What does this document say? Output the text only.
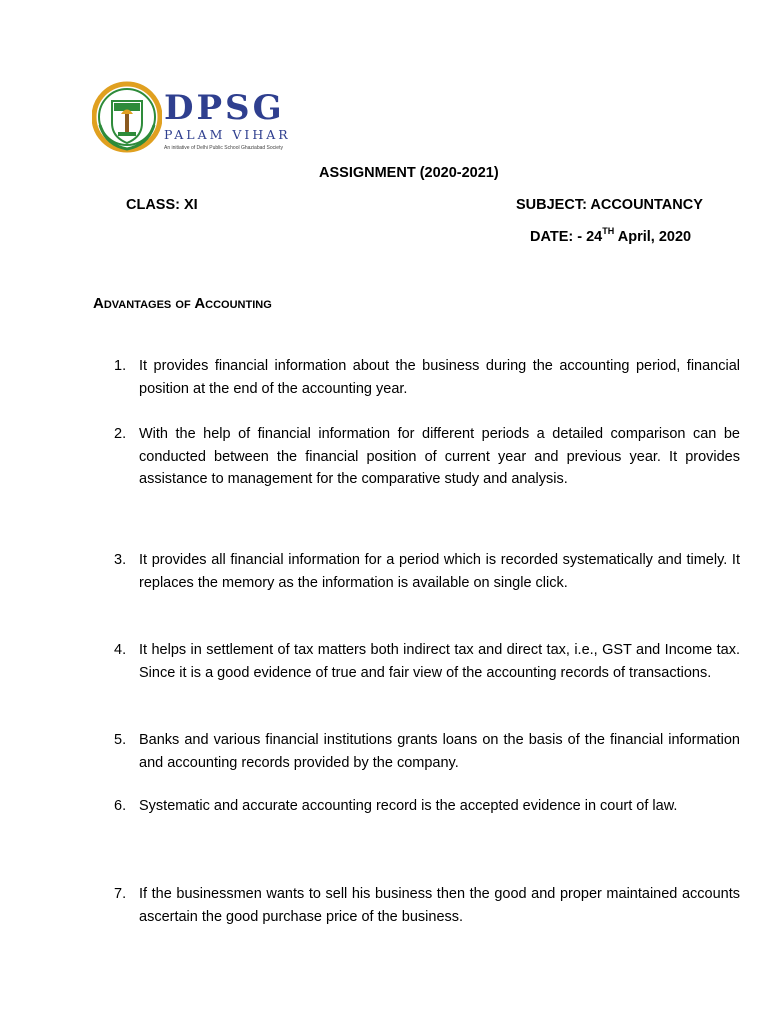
DPSG
PALAM VIHAR
An initiative of Delhi Public School Ghaziabad Society
ASSIGNMENT (2020-2021)
CLASS: XI	SUBJECT: ACCOUNTANCY
DATE: - 24TH April, 2020
Advantages of Accounting
1. It provides financial information about the business during the accounting period, financial position at the end of the accounting year.
2. With the help of financial information for different periods a detailed comparison can be conducted between the financial position of current year and previous year. It provides assistance to management for the comparative study and analysis.
3. It provides all financial information for a period which is recorded systematically and timely. It replaces the memory as the information is available on single click.
4. It helps in settlement of tax matters both indirect tax and direct tax, i.e., GST and Income tax. Since it is a good evidence of true and fair view of the accounting records of transactions.
5. Banks and various financial institutions grants loans on the basis of the financial information and accounting records provided by the company.
6. Systematic and accurate accounting record is the accepted evidence in court of law.
7. If the businessmen wants to sell his business then the good and proper maintained accounts ascertain the good purchase price of the business.
